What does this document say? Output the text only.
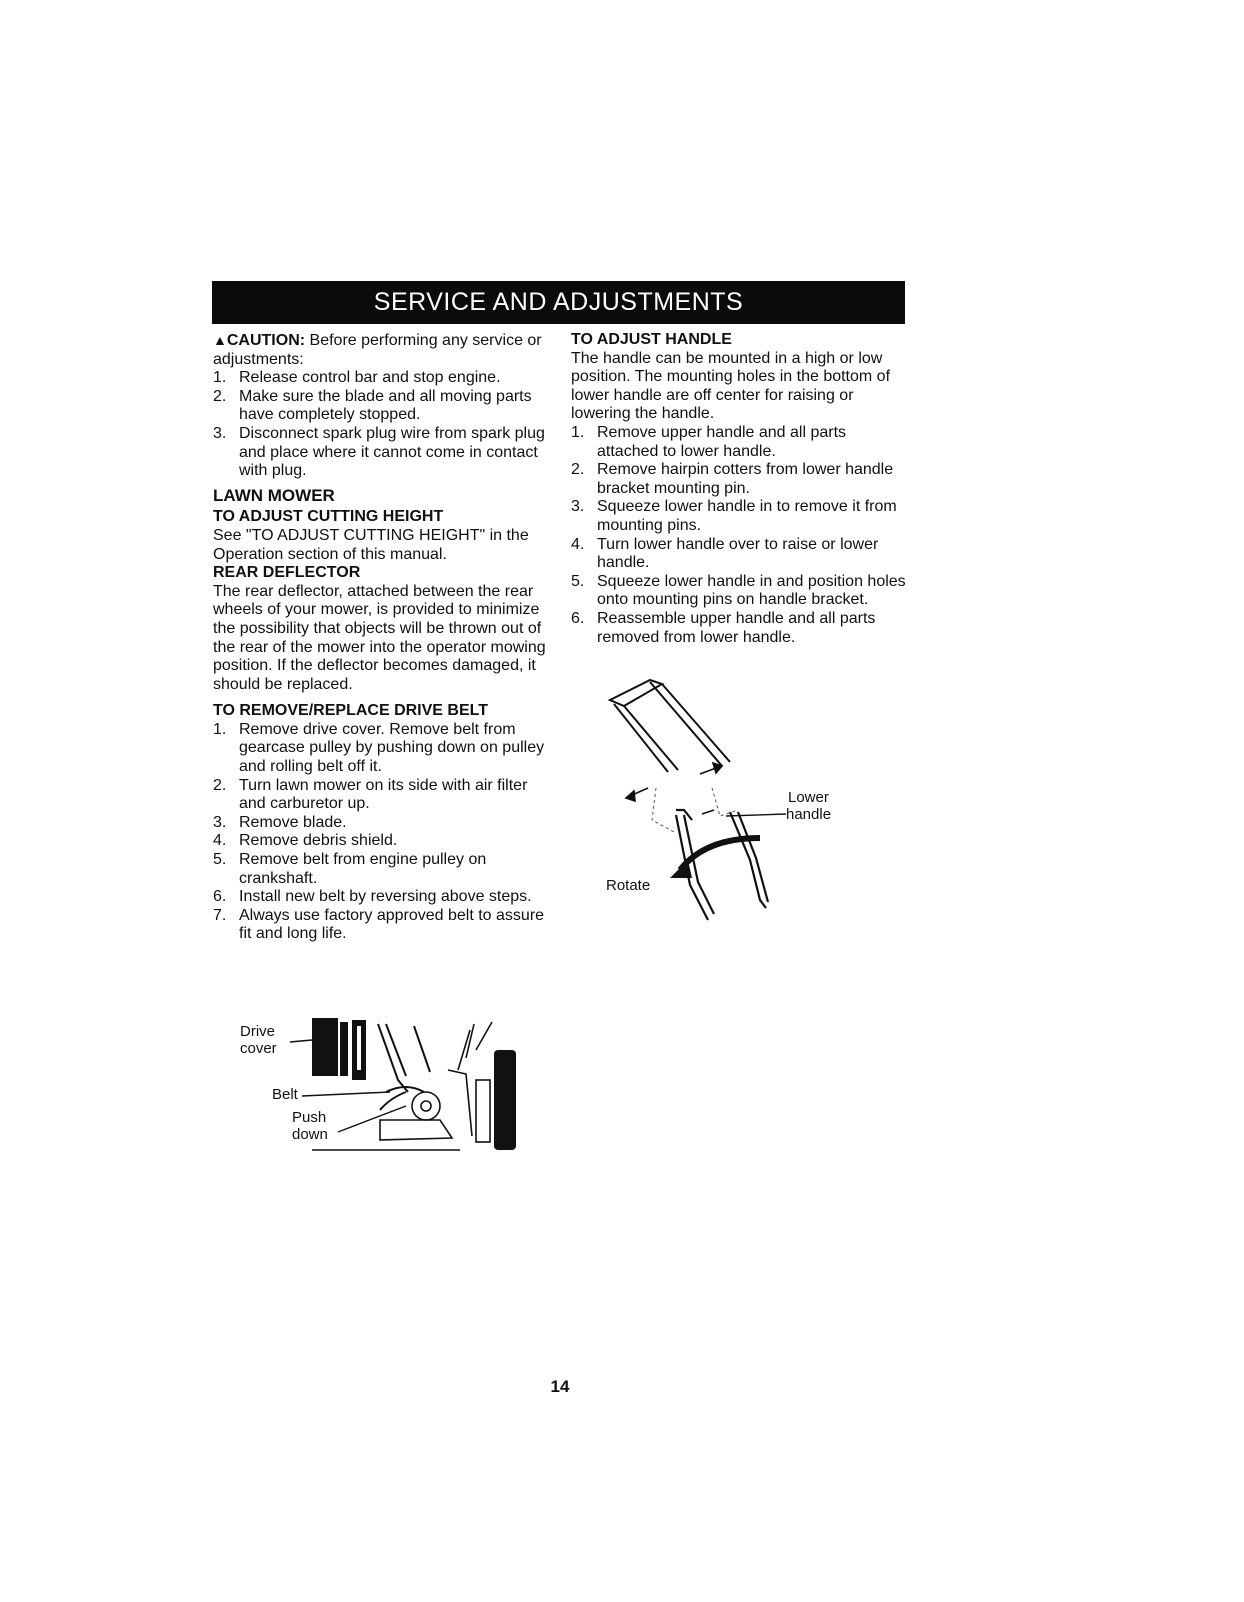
SERVICE AND ADJUSTMENTS

▲CAUTION: Before performing any service or adjustments:

1. Release control bar and stop engine.
2. Make sure the blade and all moving parts have completely stopped.
3. Disconnect spark plug wire from spark plug and place where it cannot come in contact with plug.

LAWN MOWER

TO ADJUST CUTTING HEIGHT

See "TO ADJUST CUTTING HEIGHT" in the Operation section of this manual.

REAR DEFLECTOR

The rear deflector, attached between the rear wheels of your mower, is provided to minimize the possibility that objects will be thrown out of the rear of the mower into the operator mowing position. If the deflector becomes damaged, it should be replaced.

TO REMOVE/REPLACE DRIVE BELT

1. Remove drive cover. Remove belt from gearcase pulley by pushing down on pulley and rolling belt off it.
2. Turn lawn mower on its side with air filter and carburetor up.
3. Remove blade.
4. Remove debris shield.
5. Remove belt from engine pulley on crankshaft.
6. Install new belt by reversing above steps.
7. Always use factory approved belt to assure fit and long life.

TO ADJUST HANDLE

The handle can be mounted in a high or low position. The mounting holes in the bottom of lower handle are off center for raising or lowering the handle.

1. Remove upper handle and all parts attached to lower handle.
2. Remove hairpin cotters from lower handle bracket mounting pin.
3. Squeeze lower handle in to remove it from mounting pins.
4. Turn lower handle over to raise or lower handle.
5. Squeeze lower handle in and position holes onto mounting pins on handle bracket.
6. Reassemble upper handle and all parts removed from lower handle.
Lower
handle
Rotate
Drive
cover
Belt
Push
down
14
